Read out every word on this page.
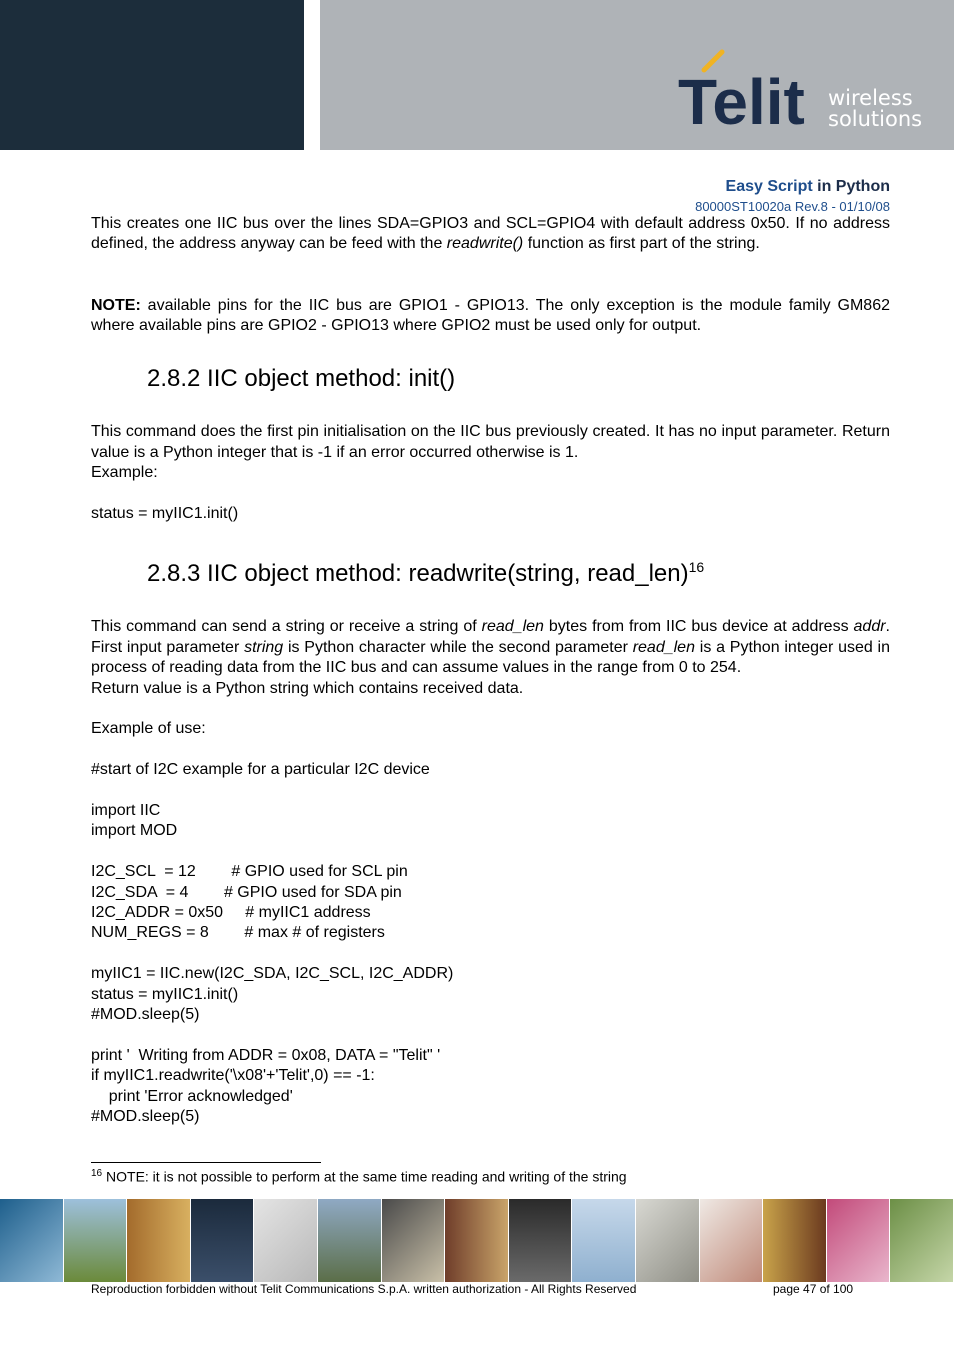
Telit wireless
solutions
Easy Script in Python
80000ST10020a Rev.8 - 01/10/08

This creates one IIC bus over the lines SDA=GPIO3 and SCL=GPIO4 with default address 0x50. If no address defined, the address anyway can be feed with the readwrite() function as first part of the string.

NOTE: available pins for the IIC bus are GPIO1 - GPIO13. The only exception is the module family GM862 where available pins are GPIO2 - GPIO13 where GPIO2 must be used only for output.

2.8.2 IIC object method: init()

This command does the first pin initialisation on the IIC bus previously created. It has no input parameter. Return value is a Python integer that is -1 if an error occurred otherwise is 1.

Example:

status = myIIC1.init()

2.8.3 IIC object method: readwrite(string, read_len)$^{16}$

This command can send a string or receive a string of read_len bytes from from IIC bus device at address addr. First input parameter string is Python character while the second parameter read_len is a Python integer used in process of reading data from the IIC bus and can assume values in the range from 0 to 254.

Return value is a Python string which contains received data.

Example of use:

#start of I2C example for a particular I2C device
import IIC
import MOD
I2C_SCL  = 12        # GPIO used for SCL pin
I2C_SDA  = 4        # GPIO used for SDA pin
I2C_ADDR = 0x50     # myIIC1 address
NUM_REGS = 8        # max # of registers
myIIC1 = IIC.new(I2C_SDA, I2C_SCL, I2C_ADDR)
status = myIIC1.init()
#MOD.sleep(5)
print '  Writing from ADDR = 0x08, DATA = "Telit" '
if myIIC1.readwrite('\x08'+'Telit',0) == -1:
print 'Error acknowledged'
#MOD.sleep(5)
$^{16}$ NOTE: it is not possible to perform at the same time reading and writing of the string
Reproduction forbidden without Telit Communications S.p.A. written authorization - All Rights Reserved	page 47 of 100
